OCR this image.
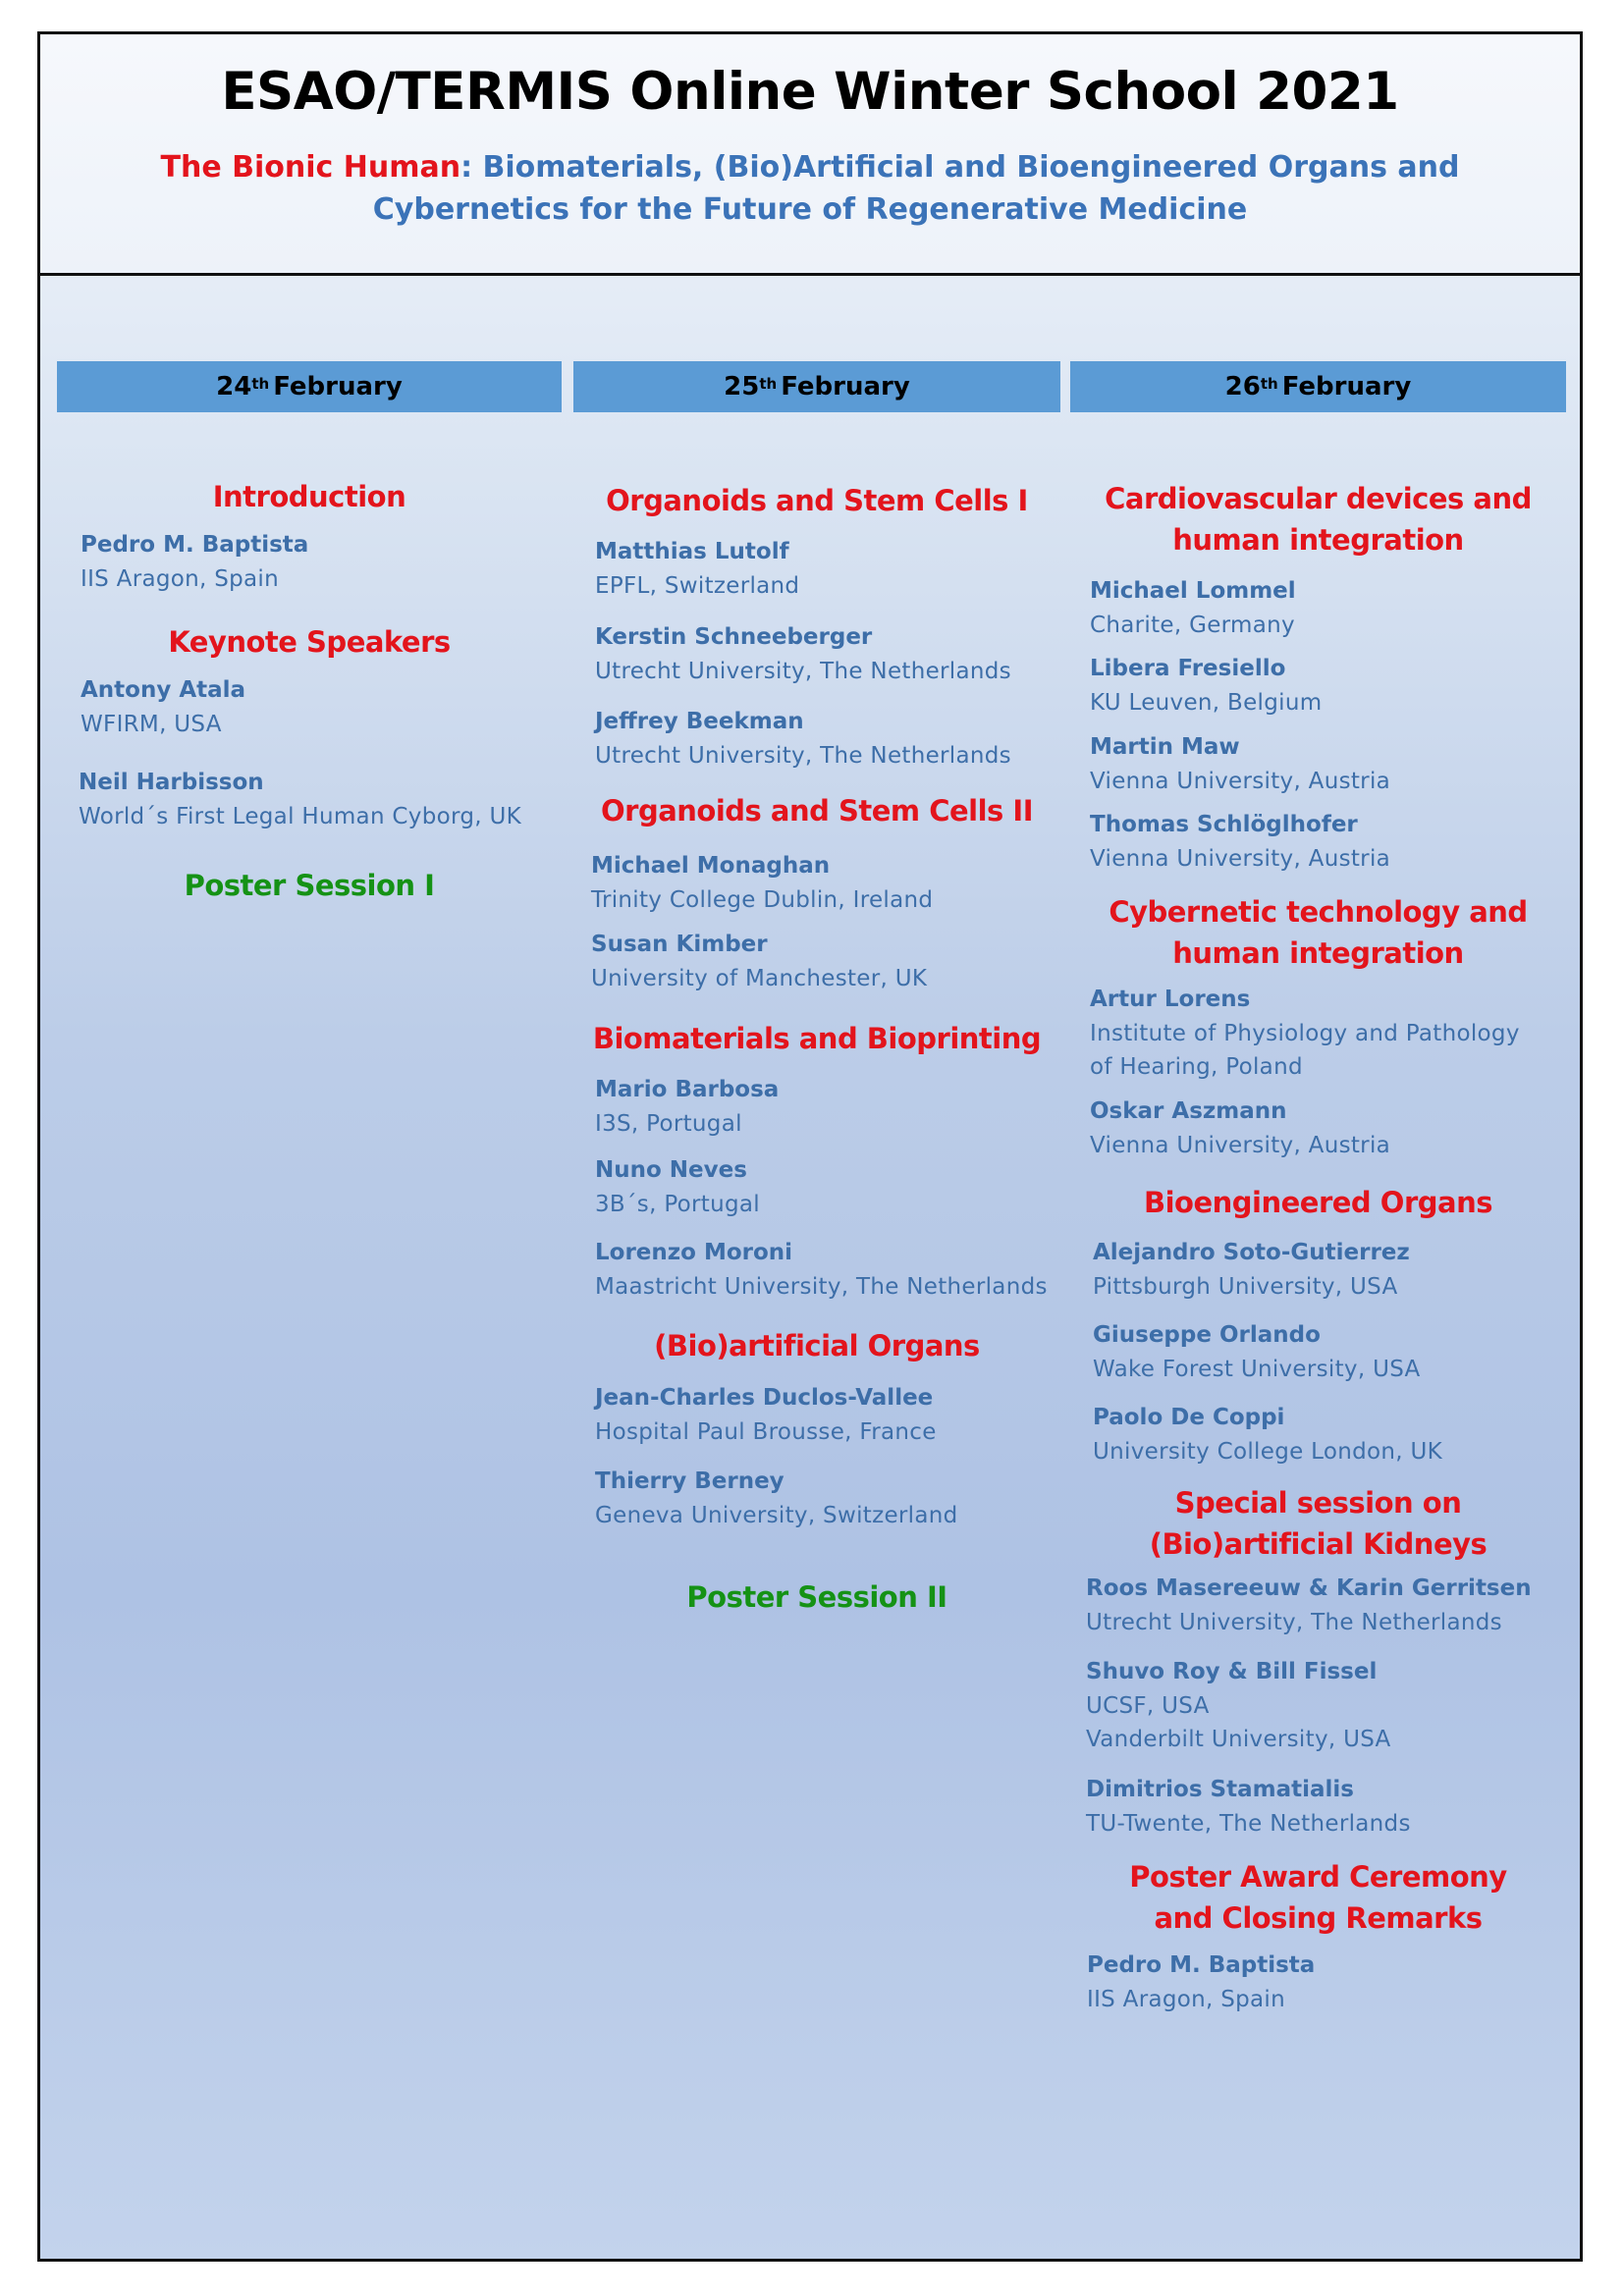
ESAO/TERMIS Online Winter School 2021
The Bionic Human: Biomaterials, (Bio)Artificial and Bioengineered Organs and Cybernetics for the Future of Regenerative Medicine
24th February	25th February	26th February
Introduction
Pedro M. Baptista
IIS Aragon, Spain
Keynote Speakers
Antony Atala
WFIRM, USA
Neil Harbisson
World´s First Legal Human Cyborg, UK
Poster Session I
Organoids and Stem Cells I
Matthias Lutolf
EPFL, Switzerland
Kerstin Schneeberger
Utrecht University, The Netherlands
Jeffrey Beekman
Utrecht University, The Netherlands
Organoids and Stem Cells II
Michael Monaghan
Trinity College Dublin, Ireland
Susan Kimber
University of Manchester, UK
Biomaterials and Bioprinting
Mario Barbosa
I3S, Portugal
Nuno Neves
3B´s, Portugal
Lorenzo Moroni
Maastricht University, The Netherlands
(Bio)artificial Organs
Jean-Charles Duclos-Vallee
Hospital Paul Brousse, France
Thierry Berney
Geneva University, Switzerland
Poster Session II
Cardiovascular devices and
human integration
Michael Lommel
Charite, Germany
Libera Fresiello
KU Leuven, Belgium
Martin Maw
Vienna University, Austria
Thomas Schlöglhofer
Vienna University, Austria
Cybernetic technology and
human integration
Artur Lorens
Institute of Physiology and Pathology
of Hearing, Poland
Oskar Aszmann
Vienna University, Austria
Bioengineered Organs
Alejandro Soto-Gutierrez
Pittsburgh University, USA
Giuseppe Orlando
Wake Forest University, USA
Paolo De Coppi
University College London, UK
Special session on
(Bio)artificial Kidneys
Roos Masereeuw & Karin Gerritsen
Utrecht University, The Netherlands
Shuvo Roy & Bill Fissel
UCSF, USA
Vanderbilt University, USA
Dimitrios Stamatialis
TU-Twente, The Netherlands
Poster Award Ceremony
and Closing Remarks
Pedro M. Baptista
IIS Aragon, Spain
